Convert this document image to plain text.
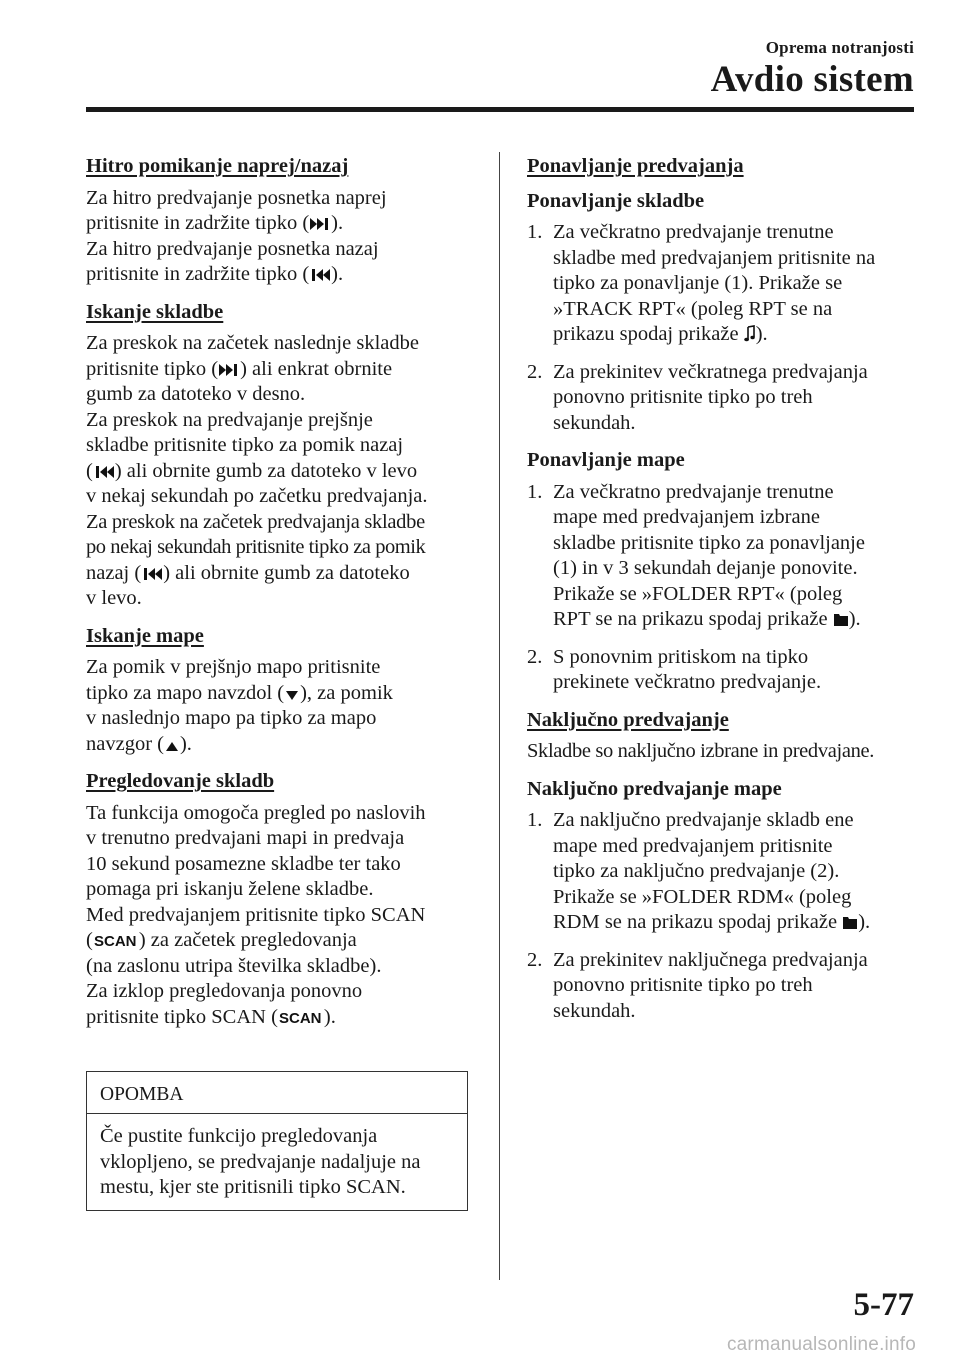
Oprema notranjosti
Avdio sistem
Hitro pomikanje naprej/nazaj

Za hitro predvajanje posnetka naprej
pritisnite in zadržite tipko ( ).
Za hitro predvajanje posnetka nazaj
pritisnite in zadržite tipko ( ).

Iskanje skladbe

Za preskok na začetek naslednje skladbe
pritisnite tipko ( ) ali enkrat obrnite
gumb za datoteko v desno.
Za preskok na predvajanje prejšnje
skladbe pritisnite tipko za pomik nazaj
( ) ali obrnite gumb za datoteko v levo
v nekaj sekundah po začetku predvajanja.
Za preskok na začetek predvajanja skladbe
po nekaj sekundah pritisnite tipko za pomik
nazaj ( ) ali obrnite gumb za datoteko
v levo.

Iskanje mape

Za pomik v prejšnjo mapo pritisnite
tipko za mapo navzdol ( ), za pomik
v naslednjo mapo pa tipko za mapo
navzgor ( ).

Pregledovanje skladb

Ta funkcija omogoča pregled po naslovih
v trenutno predvajani mapi in predvaja
10 sekund posamezne skladbe ter tako
pomaga pri iskanju želene skladbe.
Med predvajanjem pritisnite tipko SCAN
( SCAN ) za začetek pregledovanja
(na zaslonu utripa številka skladbe).
Za izklop pregledovanja ponovno
pritisnite tipko SCAN ( SCAN ).

OPOMBA
Če pustite funkcijo pregledovanja
vklopljeno, se predvajanje nadaljuje na
mestu, kjer ste pritisnili tipko SCAN.
Ponavljanje predvajanja
Ponavljanje skladbe
1. Za večkratno predvajanje trenutne
skladbe med predvajanjem pritisnite na
tipko za ponavljanje (1). Prikaže se
»TRACK RPT« (poleg RPT se na
prikazu spodaj prikaže ).
2. Za prekinitev večkratnega predvajanja
ponovno pritisnite tipko po treh
sekundah.
Ponavljanje mape
1. Za večkratno predvajanje trenutne
mape med predvajanjem izbrane
skladbe pritisnite tipko za ponavljanje
(1) in v 3 sekundah dejanje ponovite.
Prikaže se »FOLDER RPT« (poleg
RPT se na prikazu spodaj prikaže ).
2. S ponovnim pritiskom na tipko
prekinete večkratno predvajanje.
Naključno predvajanje

Skladbe so naključno izbrane in predvajane.

Naključno predvajanje mape
1. Za naključno predvajanje skladb ene
mape med predvajanjem pritisnite
tipko za naključno predvajanje (2).
Prikaže se »FOLDER RDM« (poleg
RDM se na prikazu spodaj prikaže ).
2. Za prekinitev naključnega predvajanja
ponovno pritisnite tipko po treh
sekundah.
5-77
carmanualsonline.info
